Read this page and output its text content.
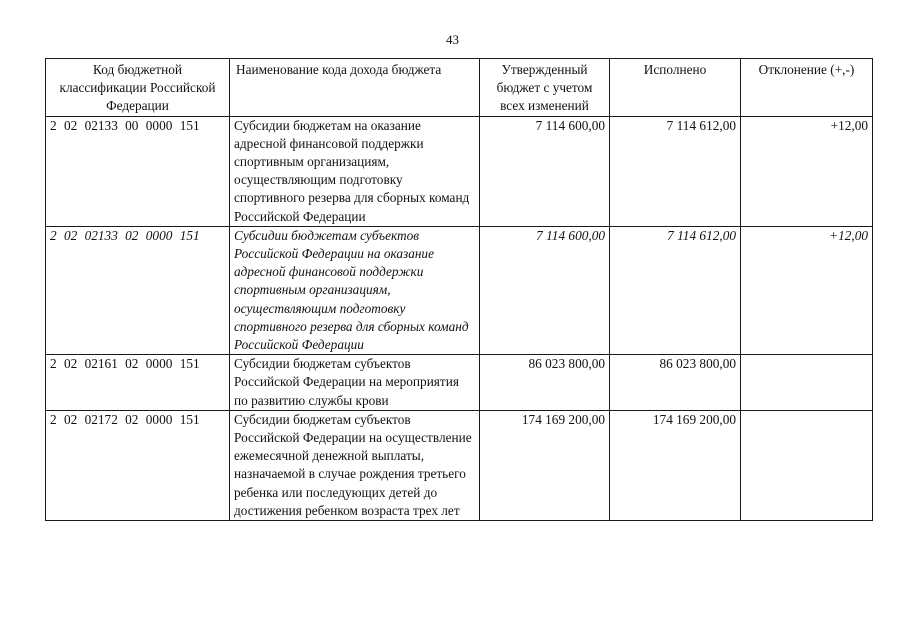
43
Код бюджетной классификации Российской Федерации	Наименование кода дохода бюджета	Утвержденный бюджет с учетом всех изменений	Исполнено	Отклонение (+,-)
2 02 02133 00 0000 151	Субсидии бюджетам на оказание адресной финансовой поддержки спортивным организациям, осуществляющим подготовку спортивного резерва для сборных команд Российской Федерации	7 114 600,00	7 114 612,00	+12,00
2 02 02133 02 0000 151	Субсидии бюджетам субъектов Российской Федерации на оказание адресной финансовой поддержки спортивным организациям, осуществляющим подготовку спортивного резерва для сборных команд Российской Федерации	7 114 600,00	7 114 612,00	+12,00
2 02 02161 02 0000 151	Субсидии бюджетам субъектов Российской Федерации на мероприятия по развитию службы крови	86 023 800,00	86 023 800,00	
2 02 02172 02 0000 151	Субсидии бюджетам субъектов Российской Федерации на осуществление ежемесячной денежной выплаты, назначаемой в случае рождения третьего ребенка или последующих детей до достижения ребенком возраста трех лет	174 169 200,00	174 169 200,00	
